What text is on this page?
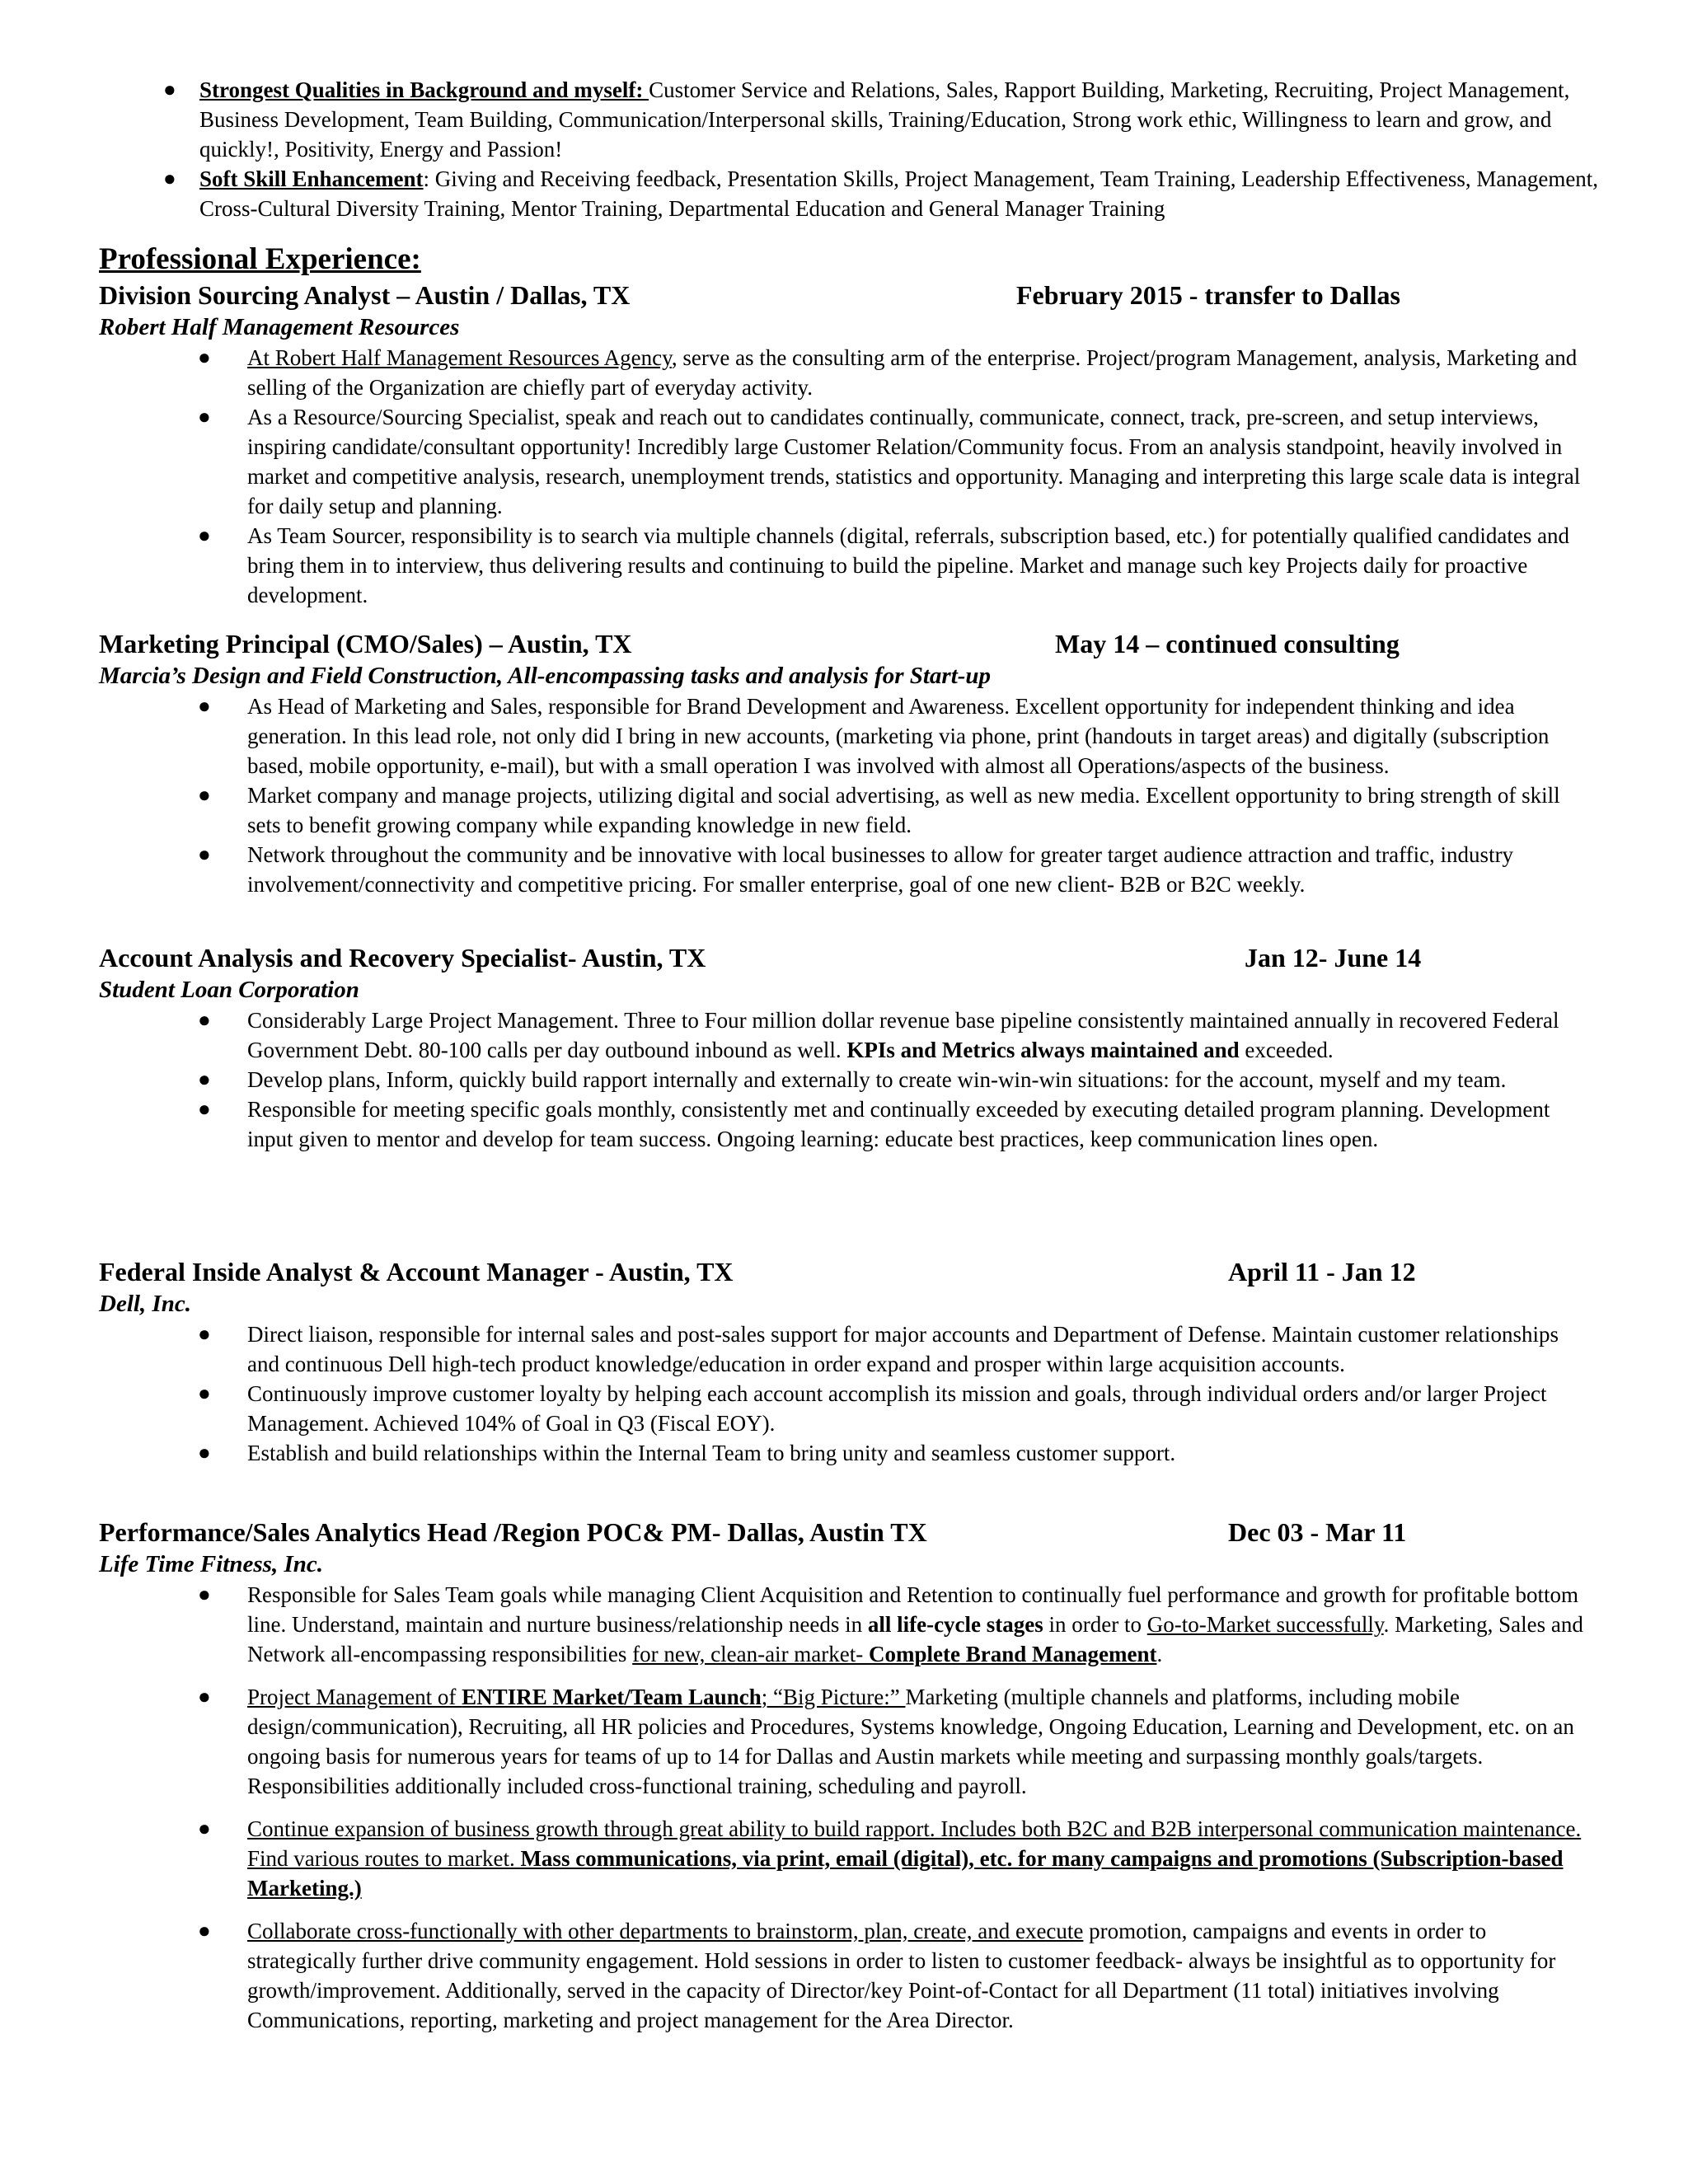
● Strongest Qualities in Background and myself: Customer Service and Relations, Sales, Rapport Building, Marketing, Recruiting, Project Management, Business Development, Team Building, Communication/Interpersonal skills, Training/Education, Strong work ethic, Willingness to learn and grow, and quickly!, Positivity, Energy and Passion!
● Soft Skill Enhancement: Giving and Receiving feedback, Presentation Skills, Project Management, Team Training, Leadership Effectiveness, Management, Cross-Cultural Diversity Training, Mentor Training, Departmental Education and General Manager Training
Professional Experience:
Division Sourcing Analyst – Austin / Dallas, TX	February 2015 - transfer to Dallas
Robert Half Management Resources
● At Robert Half Management Resources Agency, serve as the consulting arm of the enterprise. Project/program Management, analysis, Marketing and selling of the Organization are chiefly part of everyday activity.
● As a Resource/Sourcing Specialist, speak and reach out to candidates continually, communicate, connect, track, pre-screen, and setup interviews, inspiring candidate/consultant opportunity! Incredibly large Customer Relation/Community focus. From an analysis standpoint, heavily involved in market and competitive analysis, research, unemployment trends, statistics and opportunity. Managing and interpreting this large scale data is integral for daily setup and planning.
● As Team Sourcer, responsibility is to search via multiple channels (digital, referrals, subscription based, etc.) for potentially qualified candidates and bring them in to interview, thus delivering results and continuing to build the pipeline. Market and manage such key Projects daily for proactive development.
Marketing Principal (CMO/Sales) – Austin, TX	May 14 – continued consulting
Marcia’s Design and Field Construction, All-encompassing tasks and analysis for Start-up
● As Head of Marketing and Sales, responsible for Brand Development and Awareness. Excellent opportunity for independent thinking and idea generation. In this lead role, not only did I bring in new accounts, (marketing via phone, print (handouts in target areas) and digitally (subscription based, mobile opportunity, e-mail), but with a small operation I was involved with almost all Operations/aspects of the business.
● Market company and manage projects, utilizing digital and social advertising, as well as new media. Excellent opportunity to bring strength of skill sets to benefit growing company while expanding knowledge in new field.
● Network throughout the community and be innovative with local businesses to allow for greater target audience attraction and traffic, industry involvement/connectivity and competitive pricing. For smaller enterprise, goal of one new client- B2B or B2C weekly.
Account Analysis and Recovery Specialist- Austin, TX	Jan 12- June 14
Student Loan Corporation
● Considerably Large Project Management. Three to Four million dollar revenue base pipeline consistently maintained annually in recovered Federal Government Debt. 80-100 calls per day outbound inbound as well. KPIs and Metrics always maintained and exceeded.
● Develop plans, Inform, quickly build rapport internally and externally to create win-win-win situations: for the account, myself and my team.
● Responsible for meeting specific goals monthly, consistently met and continually exceeded by executing detailed program planning. Development input given to mentor and develop for team success. Ongoing learning: educate best practices, keep communication lines open.
Federal Inside Analyst & Account Manager - Austin, TX	April 11 - Jan 12
Dell, Inc.
● Direct liaison, responsible for internal sales and post-sales support for major accounts and Department of Defense. Maintain customer relationships and continuous Dell high-tech product knowledge/education in order expand and prosper within large acquisition accounts.
● Continuously improve customer loyalty by helping each account accomplish its mission and goals, through individual orders and/or larger Project Management. Achieved 104% of Goal in Q3 (Fiscal EOY).
● Establish and build relationships within the Internal Team to bring unity and seamless customer support.
Performance/Sales Analytics Head /Region POC& PM- Dallas, Austin TX	Dec 03 - Mar 11
Life Time Fitness, Inc.
● Responsible for Sales Team goals while managing Client Acquisition and Retention to continually fuel performance and growth for profitable bottom line. Understand, maintain and nurture business/relationship needs in all life-cycle stages in order to Go-to-Market successfully. Marketing, Sales and Network all-encompassing responsibilities for new, clean-air market- Complete Brand Management.
● Project Management of ENTIRE Market/Team Launch; “Big Picture:” Marketing (multiple channels and platforms, including mobile design/communication), Recruiting, all HR policies and Procedures, Systems knowledge, Ongoing Education, Learning and Development, etc. on an ongoing basis for numerous years for teams of up to 14 for Dallas and Austin markets while meeting and surpassing monthly goals/targets. Responsibilities additionally included cross-functional training, scheduling and payroll.
● Continue expansion of business growth through great ability to build rapport. Includes both B2C and B2B interpersonal communication maintenance. Find various routes to market. Mass communications, via print, email (digital), etc. for many campaigns and promotions (Subscription-based Marketing.)
● Collaborate cross-functionally with other departments to brainstorm, plan, create, and execute promotion, campaigns and events in order to strategically further drive community engagement. Hold sessions in order to listen to customer feedback- always be insightful as to opportunity for growth/improvement. Additionally, served in the capacity of Director/key Point-of-Contact for all Department (11 total) initiatives involving Communications, reporting, marketing and project management for the Area Director.
